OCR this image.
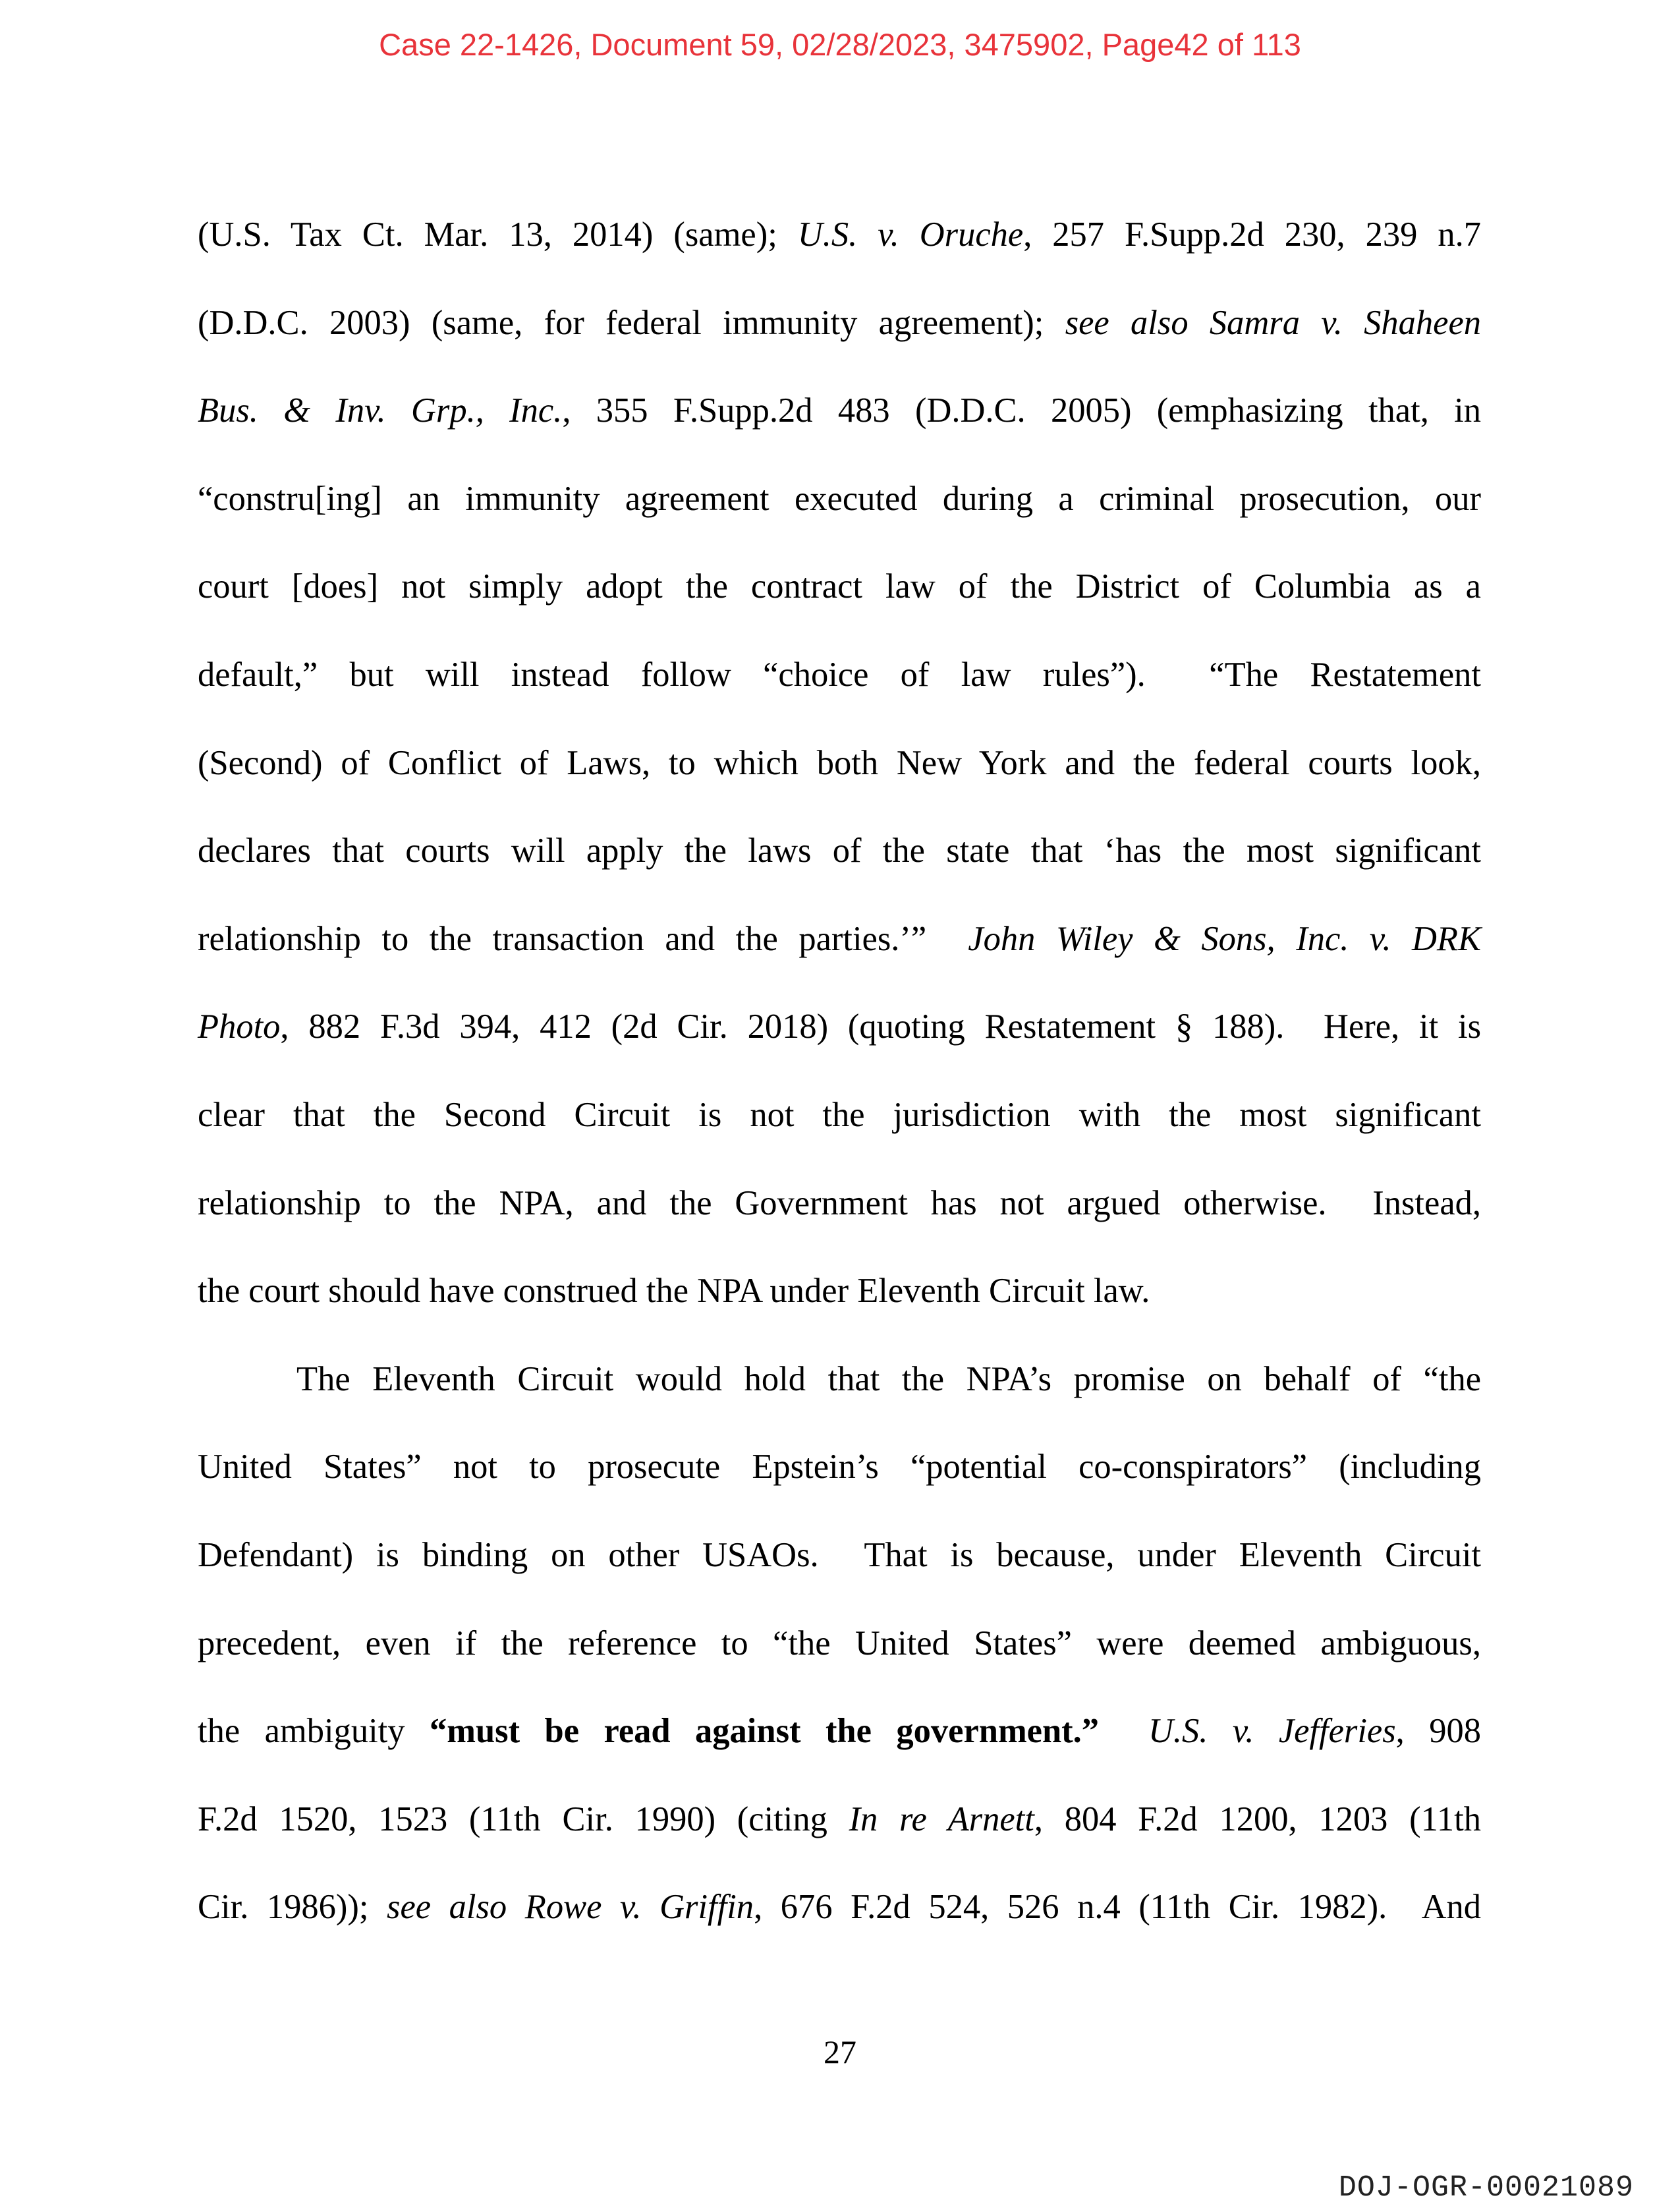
Case 22-1426, Document 59, 02/28/2023, 3475902, Page42 of 113
(U.S. Tax Ct. Mar. 13, 2014) (same); U.S. v. Oruche, 257 F.Supp.2d 230, 239 n.7
(D.D.C. 2003) (same, for federal immunity agreement); see also Samra v. Shaheen
Bus. & Inv. Grp., Inc., 355 F.Supp.2d 483 (D.D.C. 2005) (emphasizing that, in
“constru[ing] an immunity agreement executed during a criminal prosecution, our
court [does] not simply adopt the contract law of the District of Columbia as a
default,” but will instead follow “choice of law rules”).  “The Restatement
(Second) of Conflict of Laws, to which both New York and the federal courts look,
declares that courts will apply the laws of the state that ‘has the most significant
relationship to the transaction and the parties.’”  John Wiley & Sons, Inc. v. DRK
Photo, 882 F.3d 394, 412 (2d Cir. 2018) (quoting Restatement § 188).  Here, it is
clear that the Second Circuit is not the jurisdiction with the most significant
relationship to the NPA, and the Government has not argued otherwise.  Instead,
the court should have construed the NPA under Eleventh Circuit law.
The Eleventh Circuit would hold that the NPA’s promise on behalf of “the
United States” not to prosecute Epstein’s “potential co-conspirators” (including
Defendant) is binding on other USAOs.  That is because, under Eleventh Circuit
precedent, even if the reference to “the United States” were deemed ambiguous,
the ambiguity “must be read against the government.” U.S. v. Jefferies, 908
F.2d 1520, 1523 (11th Cir. 1990) (citing In re Arnett, 804 F.2d 1200, 1203 (11th
Cir. 1986)); see also Rowe v. Griffin, 676 F.2d 524, 526 n.4 (11th Cir. 1982).  And
27
DOJ-OGR-00021089
